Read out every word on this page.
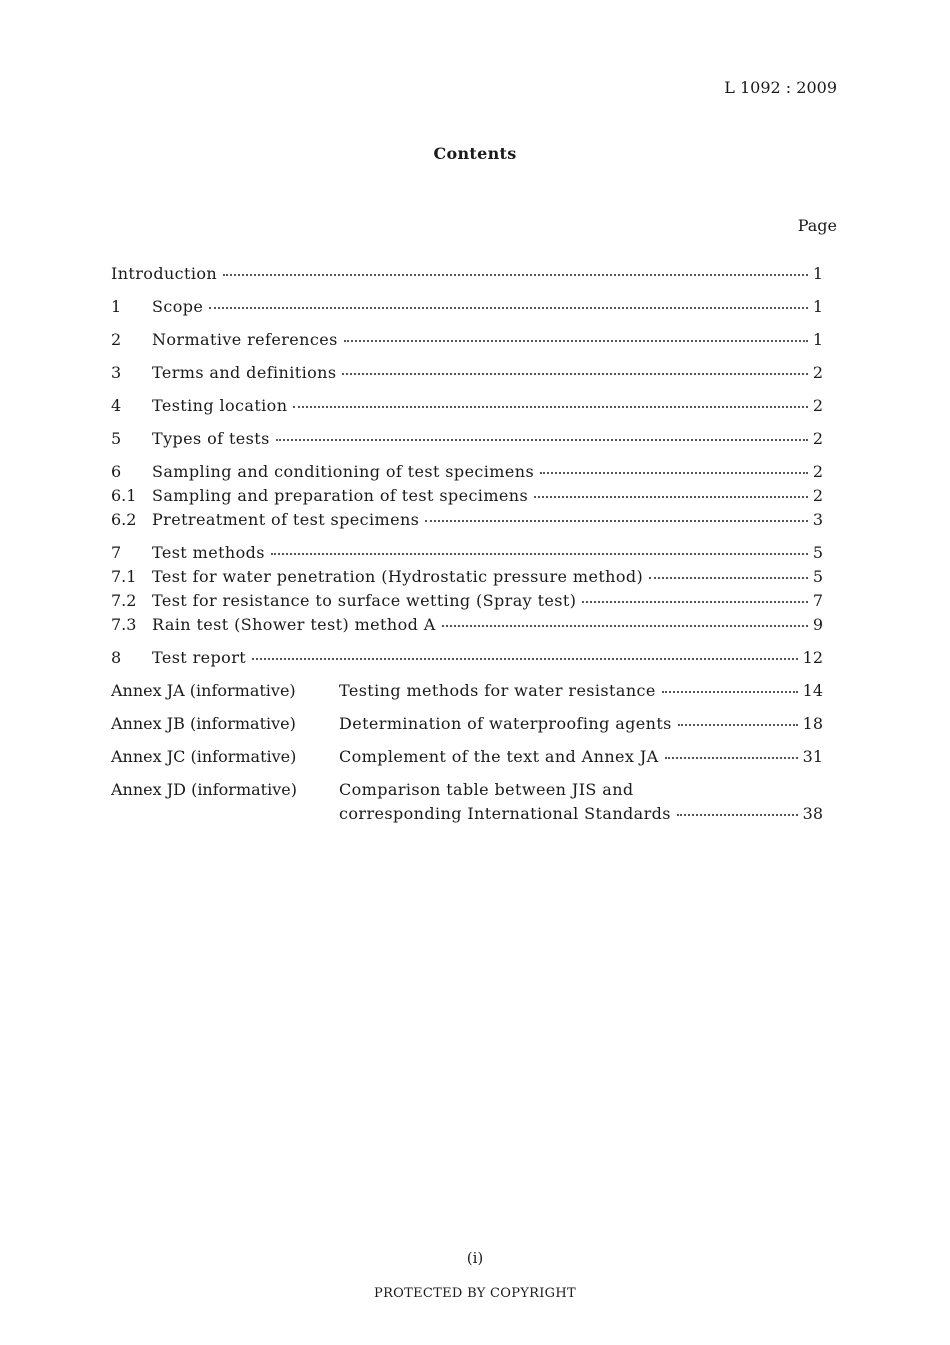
L 1092 : 2009
Contents
Page
Introduction	1
1	Scope	1
2	Normative references	1
3	Terms and definitions	2
4	Testing location	2
5	Types of tests	2
6	Sampling and conditioning of test specimens	2
6.1 Sampling and preparation of test specimens	2
6.2 Pretreatment of test specimens	3
7	Test methods	5
7.1 Test for water penetration (Hydrostatic pressure method)	5
7.2 Test for resistance to surface wetting (Spray test)	7
7.3 Rain test (Shower test) method A	9
8	Test report	12
Annex JA (informative)	Testing methods for water resistance	14
Annex JB (informative)	Determination of waterproofing agents	18
Annex JC (informative)	Complement of the text and Annex JA	31
Annex JD (informative)	Comparison table between JIS and
corresponding International Standards	38
(i)
PROTECTED BY COPYRIGHT
